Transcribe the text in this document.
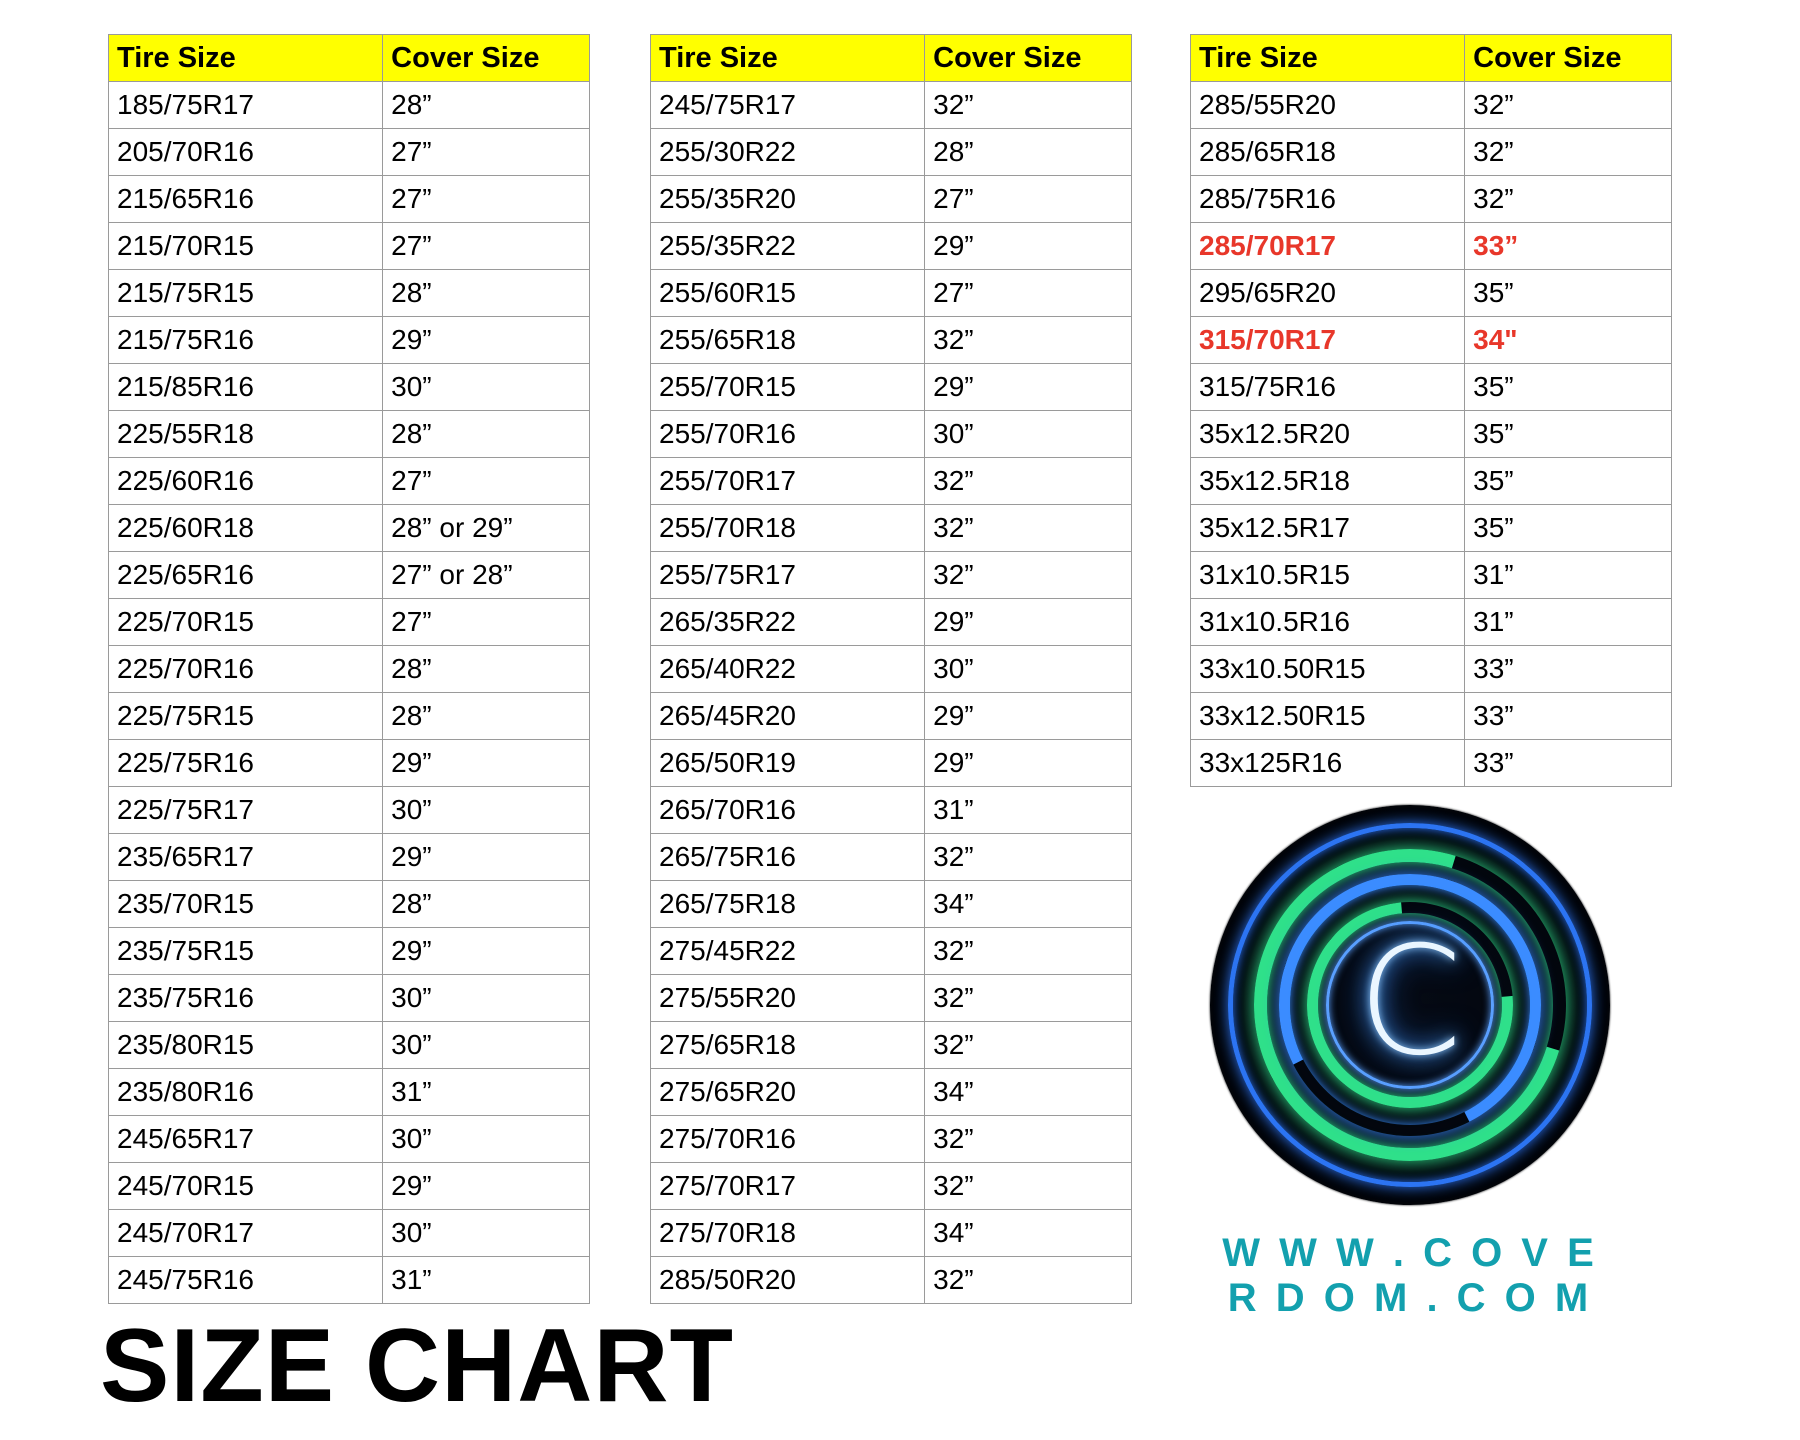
Tire Size	Cover Size
185/75R17	28”
205/70R16	27”
215/65R16	27”
215/70R15	27”
215/75R15	28”
215/75R16	29”
215/85R16	30”
225/55R18	28”
225/60R16	27”
225/60R18	28” or 29”
225/65R16	27” or 28”
225/70R15	27”
225/70R16	28”
225/75R15	28”
225/75R16	29”
225/75R17	30”
235/65R17	29”
235/70R15	28”
235/75R15	29”
235/75R16	30”
235/80R15	30”
235/80R16	31”
245/65R17	30”
245/70R15	29”
245/70R17	30”
245/75R16	31”
Tire Size	Cover Size
245/75R17	32”
255/30R22	28”
255/35R20	27”
255/35R22	29”
255/60R15	27”
255/65R18	32”
255/70R15	29”
255/70R16	30”
255/70R17	32”
255/70R18	32”
255/75R17	32”
265/35R22	29”
265/40R22	30”
265/45R20	29”
265/50R19	29”
265/70R16	31”
265/75R16	32”
265/75R18	34”
275/45R22	32”
275/55R20	32”
275/65R18	32”
275/65R20	34”
275/70R16	32”
275/70R17	32”
275/70R18	34”
285/50R20	32”
Tire Size	Cover Size
285/55R20	32”
285/65R18	32”
285/75R16	32”
285/70R17	33”
295/65R20	35”
315/70R17	34"
315/75R16	35”
35x12.5R20	35”
35x12.5R18	35”
35x12.5R17	35”
31x10.5R15	31”
31x10.5R16	31”
33x10.50R15	33”
33x12.50R15	33”
33x125R16	33”
SIZE CHART
C
W W W . C O V E R D O M . C O M
